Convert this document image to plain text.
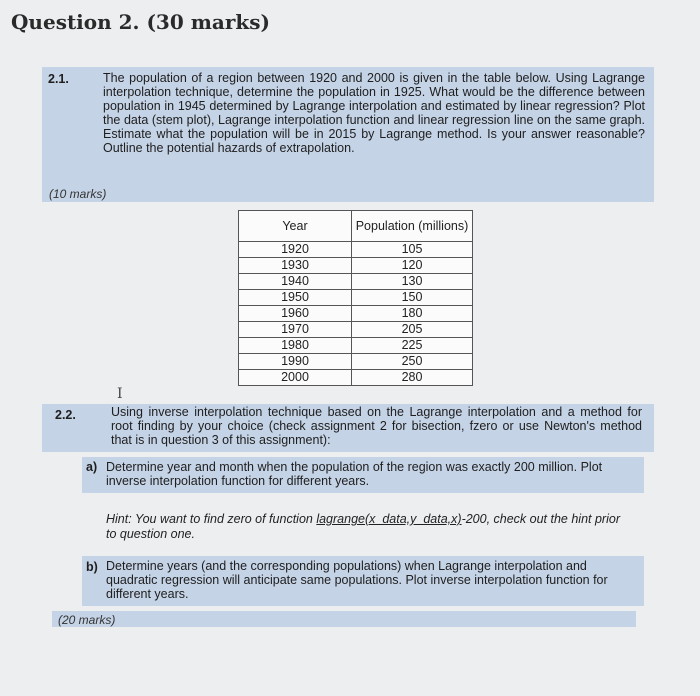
Question 2. (30 marks)
2.1.	The population of a region between 1920 and 2000 is given in the table below. Using Lagrange interpolation technique, determine the population in 1925. What would be the difference between population in 1945 determined by Lagrange interpolation and estimated by linear regression? Plot the data (stem plot), Lagrange interpolation function and linear regression line on the same graph. Estimate what the population will be in 2015 by Lagrange method. Is your answer reasonable? Outline the potential hazards of extrapolation.
(10 marks)
Year	Population (millions)
1920	105
1930	120
1940	130
1950	150
1960	180
1970	205
1980	225
1990	250
2000	280
I
2.2.	Using inverse interpolation technique based on the Lagrange interpolation and a method for root finding by your choice (check assignment 2 for bisection, fzero or use Newton's method that is in question 3 of this assignment):
a) Determine year and month when the population of the region was exactly 200 million. Plot inverse interpolation function for different years.
Hint: You want to find zero of function lagrange(x_data,y_data,x)-200, check out the hint prior to question one.
b) Determine years (and the corresponding populations) when Lagrange interpolation and quadratic regression will anticipate same populations. Plot inverse interpolation function for different years.
(20 marks)
